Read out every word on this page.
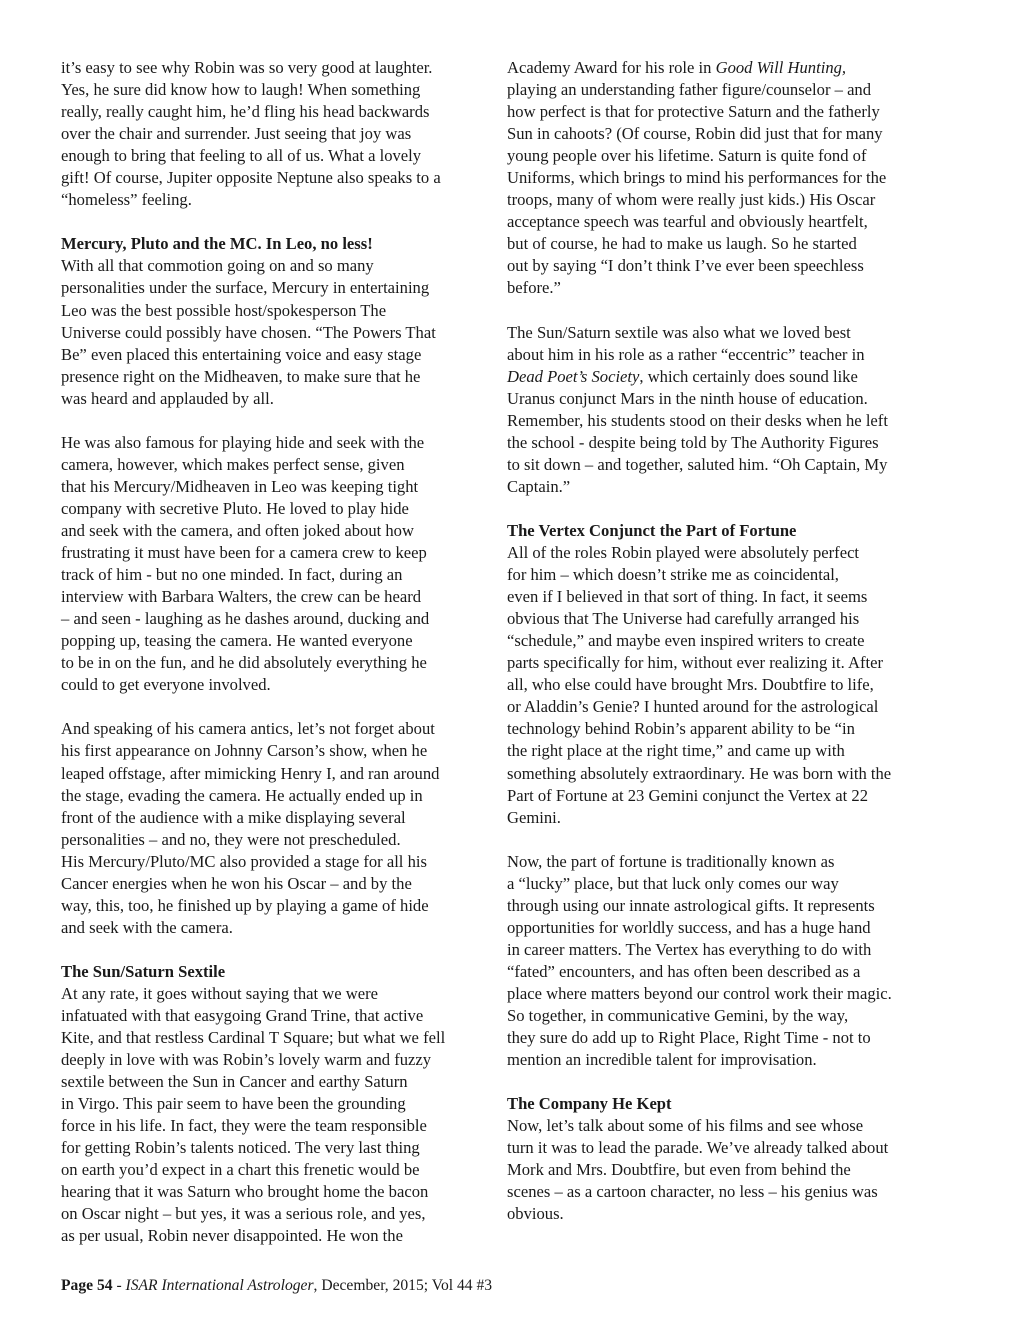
it’s easy to see why Robin was so very good at laughter.
Yes, he sure did know how to laugh! When something
really, really caught him, he’d fling his head backwards
over the chair and surrender. Just seeing that joy was
enough to bring that feeling to all of us. What a lovely
gift! Of course, Jupiter opposite Neptune also speaks to a
“homeless” feeling.
Mercury, Pluto and the MC. In Leo, no less!
With all that commotion going on and so many
personalities under the surface, Mercury in entertaining
Leo was the best possible host/spokesperson The
Universe could possibly have chosen. “The Powers That
Be” even placed this entertaining voice and easy stage
presence right on the Midheaven, to make sure that he
was heard and applauded by all.
He was also famous for playing hide and seek with the
camera, however, which makes perfect sense, given
that his Mercury/Midheaven in Leo was keeping tight
company with secretive Pluto. He loved to play hide
and seek with the camera, and often joked about how
frustrating it must have been for a camera crew to keep
track of him - but no one minded. In fact, during an
interview with Barbara Walters, the crew can be heard
– and seen - laughing as he dashes around, ducking and
popping up, teasing the camera. He wanted everyone
to be in on the fun, and he did absolutely everything he
could to get everyone involved.
And speaking of his camera antics, let’s not forget about
his first appearance on Johnny Carson’s show, when he
leaped offstage, after mimicking Henry I, and ran around
the stage, evading the camera. He actually ended up in
front of the audience with a mike displaying several
personalities – and no, they were not prescheduled.
His Mercury/Pluto/MC also provided a stage for all his
Cancer energies when he won his Oscar – and by the
way, this, too, he finished up by playing a game of hide
and seek with the camera.
The Sun/Saturn Sextile
At any rate, it goes without saying that we were
infatuated with that easygoing Grand Trine, that active
Kite, and that restless Cardinal T Square; but what we fell
deeply in love with was Robin’s lovely warm and fuzzy
sextile between the Sun in Cancer and earthy Saturn
in Virgo. This pair seem to have been the grounding
force in his life. In fact, they were the team responsible
for getting Robin’s talents noticed. The very last thing
on earth you’d expect in a chart this frenetic would be
hearing that it was Saturn who brought home the bacon
on Oscar night – but yes, it was a serious role, and yes,
as per usual, Robin never disappointed. He won the
Academy Award for his role in Good Will Hunting,
playing an understanding father figure/counselor – and
how perfect is that for protective Saturn and the fatherly
Sun in cahoots? (Of course, Robin did just that for many
young people over his lifetime. Saturn is quite fond of
Uniforms, which brings to mind his performances for the
troops, many of whom were really just kids.) His Oscar
acceptance speech was tearful and obviously heartfelt,
but of course, he had to make us laugh. So he started
out by saying “I don’t think I’ve ever been speechless
before.”
The Sun/Saturn sextile was also what we loved best
about him in his role as a rather “eccentric” teacher in
Dead Poet’s Society, which certainly does sound like
Uranus conjunct Mars in the ninth house of education.
Remember, his students stood on their desks when he left
the school - despite being told by The Authority Figures
to sit down – and together, saluted him. “Oh Captain, My
Captain.”
The Vertex Conjunct the Part of Fortune
All of the roles Robin played were absolutely perfect
for him – which doesn’t strike me as coincidental,
even if I believed in that sort of thing. In fact, it seems
obvious that The Universe had carefully arranged his
“schedule,” and maybe even inspired writers to create
parts specifically for him, without ever realizing it. After
all, who else could have brought Mrs. Doubtfire to life,
or Aladdin’s Genie? I hunted around for the astrological
technology behind Robin’s apparent ability to be “in
the right place at the right time,” and came up with
something absolutely extraordinary. He was born with the
Part of Fortune at 23 Gemini conjunct the Vertex at 22
Gemini.
Now, the part of fortune is traditionally known as
a “lucky” place, but that luck only comes our way
through using our innate astrological gifts. It represents
opportunities for worldly success, and has a huge hand
in career matters. The Vertex has everything to do with
“fated” encounters, and has often been described as a
place where matters beyond our control work their magic.
So together, in communicative Gemini, by the way,
they sure do add up to Right Place, Right Time - not to
mention an incredible talent for improvisation.
The Company He Kept
Now, let’s talk about some of his films and see whose
turn it was to lead the parade. We’ve already talked about
Mork and Mrs. Doubtfire, but even from behind the
scenes – as a cartoon character, no less – his genius was
obvious.
Page 54 - ISAR International Astrologer, December, 2015; Vol 44 #3
